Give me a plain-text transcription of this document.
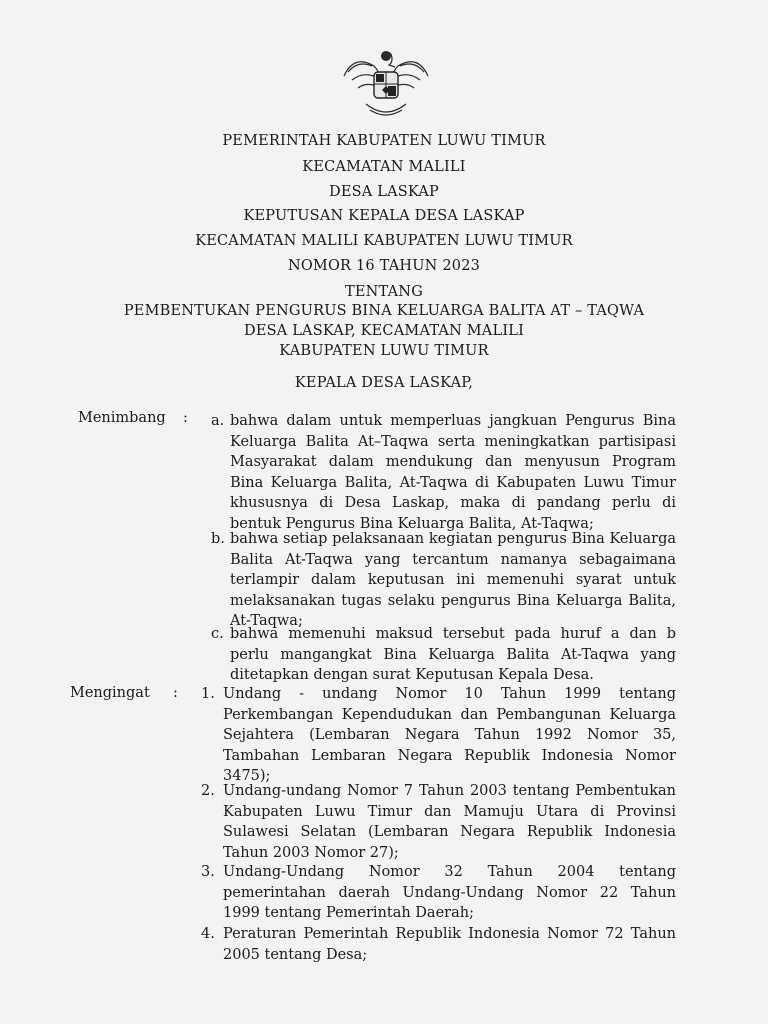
PEMERINTAH KABUPATEN LUWU TIMUR
KECAMATAN MALILI
DESA LASKAP
KEPUTUSAN KEPALA DESA LASKAP
KECAMATAN MALILI KABUPATEN LUWU TIMUR
NOMOR 16 TAHUN 2023
TENTANG
PEMBENTUKAN PENGURUS BINA KELUARGA BALITA AT – TAQWA
DESA LASKAP, KECAMATAN MALILI
KABUPATEN LUWU TIMUR
KEPALA DESA LASKAP,
Menimbang : a. bahwa dalam untuk memperluas jangkuan Pengurus Bina Keluarga Balita At–Taqwa serta meningkatkan partisipasi Masyarakat dalam mendukung dan menyusun Program Bina Keluarga Balita, At-Taqwa di Kabupaten Luwu Timur khususnya di Desa Laskap, maka di pandang perlu di bentuk Pengurus Bina Keluarga Balita, At-Taqwa;
b. bahwa setiap pelaksanaan kegiatan pengurus Bina Keluarga Balita At-Taqwa yang tercantum namanya sebagaimana terlampir dalam keputusan ini memenuhi syarat untuk melaksanakan tugas selaku pengurus Bina Keluarga Balita, At-Taqwa;
c. bahwa memenuhi maksud tersebut pada huruf a dan b perlu mangangkat Bina Keluarga Balita At-Taqwa yang ditetapkan dengan surat Keputusan Kepala Desa.
Mengingat : 1. Undang - undang Nomor 10 Tahun 1999 tentang Perkembangan Kependudukan dan Pembangunan Keluarga Sejahtera (Lembaran Negara Tahun 1992 Nomor 35, Tambahan Lembaran Negara Republik Indonesia Nomor 3475);
2. Undang-undang Nomor 7 Tahun 2003 tentang Pembentukan Kabupaten Luwu Timur dan Mamuju Utara di Provinsi Sulawesi Selatan (Lembaran Negara Republik Indonesia Tahun 2003 Nomor 27);
3. Undang-Undang Nomor 32 Tahun 2004 tentang pemerintahan daerah Undang-Undang Nomor 22 Tahun 1999 tentang Pemerintah Daerah;
4. Peraturan Pemerintah Republik Indonesia Nomor 72 Tahun 2005 tentang Desa;
